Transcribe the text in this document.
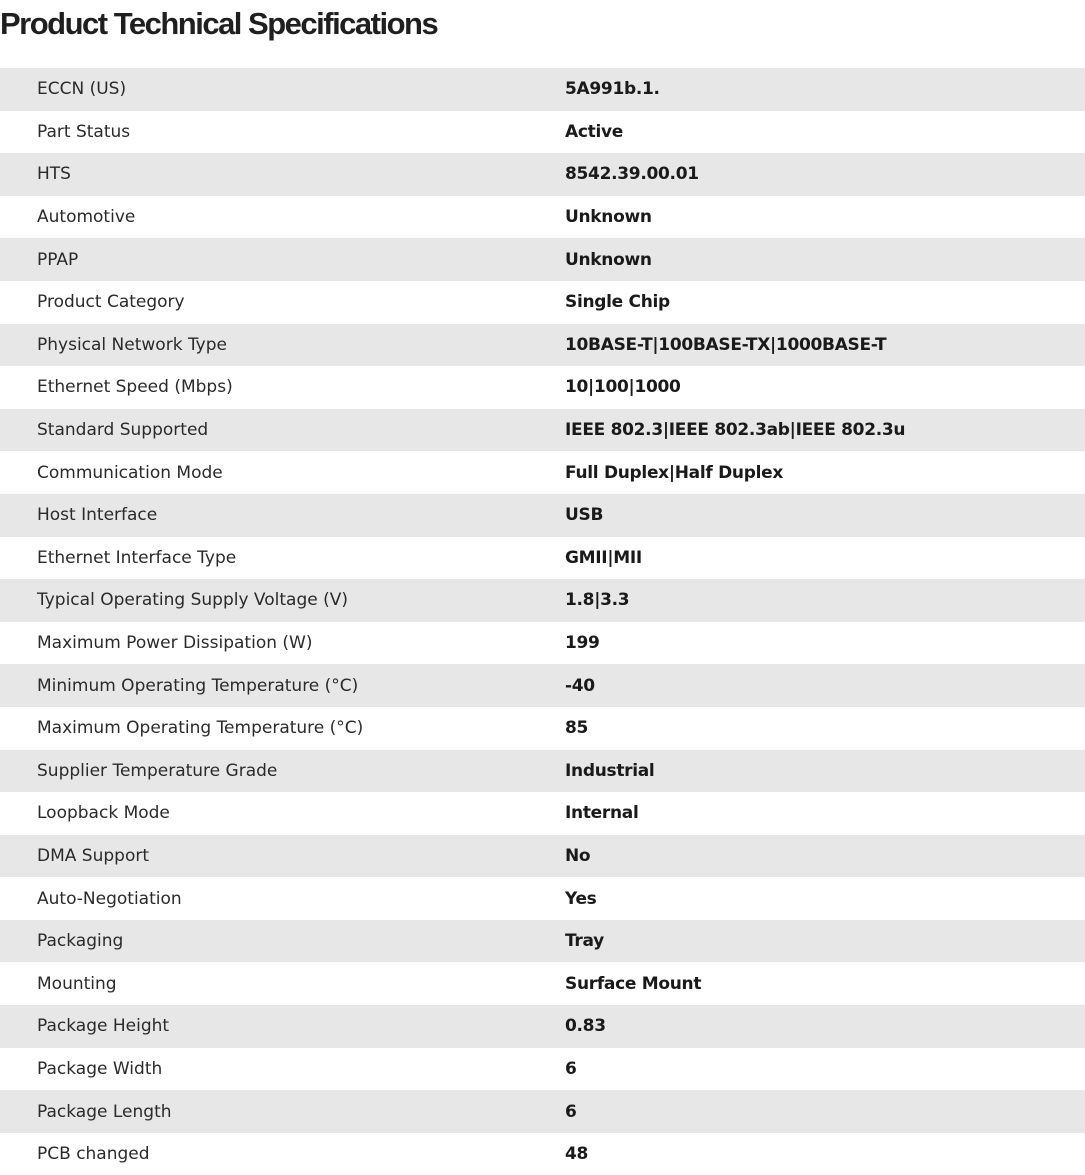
Product Technical Specifications
ECCN (US)	5A991b.1.
Part Status	Active
HTS	8542.39.00.01
Automotive	Unknown
PPAP	Unknown
Product Category	Single Chip
Physical Network Type	10BASE-T|100BASE-TX|1000BASE-T
Ethernet Speed (Mbps)	10|100|1000
Standard Supported	IEEE 802.3|IEEE 802.3ab|IEEE 802.3u
Communication Mode	Full Duplex|Half Duplex
Host Interface	USB
Ethernet Interface Type	GMII|MII
Typical Operating Supply Voltage (V)	1.8|3.3
Maximum Power Dissipation (W)	199
Minimum Operating Temperature (°C)	-40
Maximum Operating Temperature (°C)	85
Supplier Temperature Grade	Industrial
Loopback Mode	Internal
DMA Support	No
Auto-Negotiation	Yes
Packaging	Tray
Mounting	Surface Mount
Package Height	0.83
Package Width	6
Package Length	6
PCB changed	48
